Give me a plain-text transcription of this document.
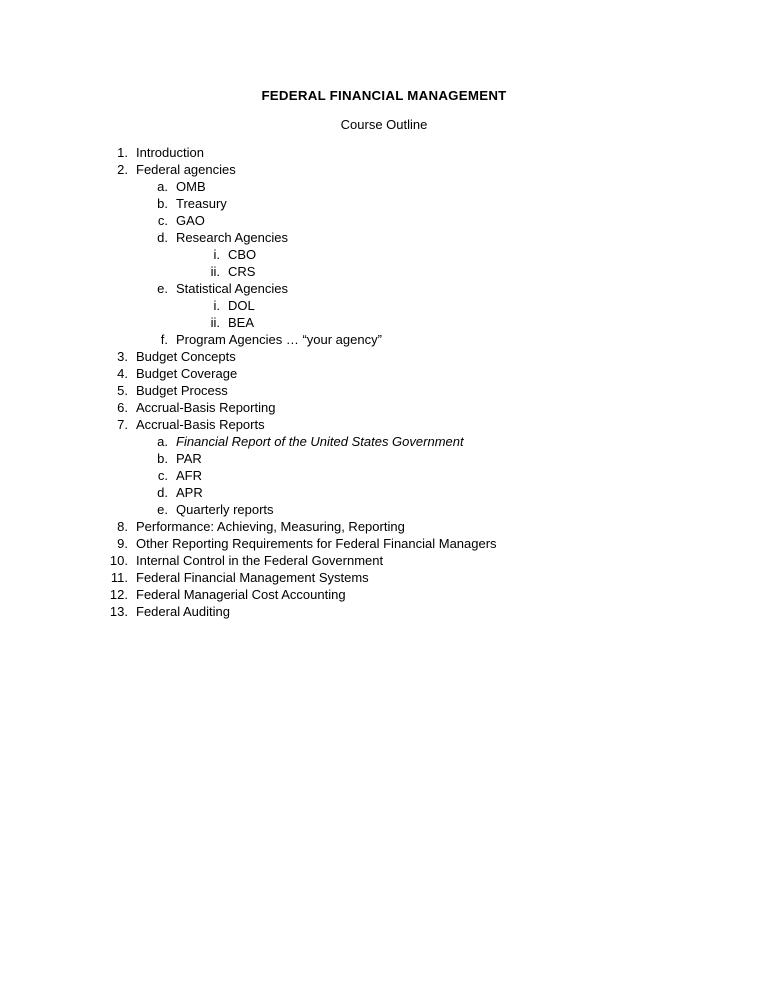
FEDERAL FINANCIAL MANAGEMENT
Course Outline
1. Introduction
2. Federal agencies
a. OMB
b. Treasury
c. GAO
d. Research Agencies
i. CBO
ii. CRS
e. Statistical Agencies
i. DOL
ii. BEA
f. Program Agencies … “your agency”
3. Budget Concepts
4. Budget Coverage
5. Budget Process
6. Accrual-Basis Reporting
7. Accrual-Basis Reports
a. Financial Report of the United States Government
b. PAR
c. AFR
d. APR
e. Quarterly reports
8. Performance: Achieving, Measuring, Reporting
9. Other Reporting Requirements for Federal Financial Managers
10. Internal Control in the Federal Government
11. Federal Financial Management Systems
12. Federal Managerial Cost Accounting
13. Federal Auditing
